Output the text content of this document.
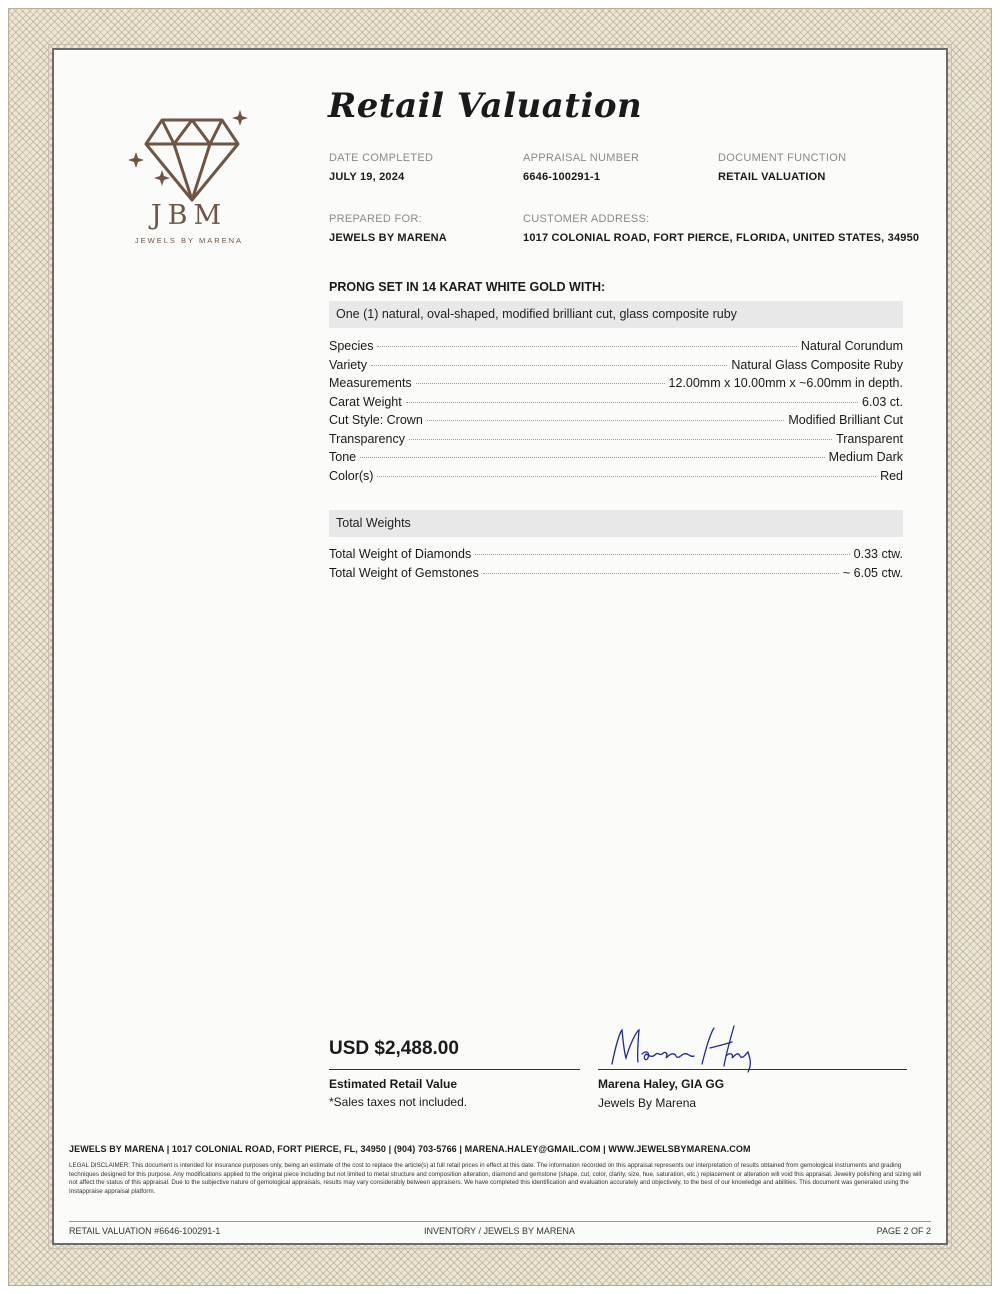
JBM
JEWELS BY MARENA
Retail Valuation
DATE COMPLETED
JULY 19, 2024
APPRAISAL NUMBER
6646-100291-1
DOCUMENT FUNCTION
RETAIL VALUATION
PREPARED FOR:
JEWELS BY MARENA
CUSTOMER ADDRESS:
1017 COLONIAL ROAD, FORT PIERCE, FLORIDA, UNITED STATES, 34950
PRONG SET IN 14 KARAT WHITE GOLD WITH:
One (1) natural, oval-shaped, modified brilliant cut, glass composite ruby
Species	Natural Corundum
Variety	Natural Glass Composite Ruby
Measurements	12.00mm x 10.00mm x ~6.00mm in depth.
Carat Weight	6.03 ct.
Cut Style: Crown	Modified Brilliant Cut
Transparency	Transparent
Tone	Medium Dark
Color(s)	Red
Total Weights
Total Weight of Diamonds	0.33 ctw.
Total Weight of Gemstones	~ 6.05 ctw.
USD $2,488.00
Estimated Retail Value
*Sales taxes not included.
Marena Haley, GIA GG
Jewels By Marena
JEWELS BY MARENA | 1017 COLONIAL ROAD, FORT PIERCE, FL, 34950 | (904) 703-5766 | MARENA.HALEY@GMAIL.COM | WWW.JEWELSBYMARENA.COM
LEGAL DISCLAIMER: This document is intended for insurance purposes only, being an estimate of the cost to replace the article(s) at full retail prices in effect at this date. The information recorded on this appraisal represents our interpretation of results obtained from gemological instruments and grading techniques designed for this purpose. Any modifications applied to the original piece including but not limited to metal structure and composition alteration, diamond and gemstone (shape, cut, color, clarity, size, hue, saturation, etc.) replacement or alteration will void this appraisal. Jewelry polishing and sizing will not affect the status of this appraisal. Due to the subjective nature of gemological appraisals, results may vary considerably between appraisers. We have completed this identification and evaluation accurately and objectively, to the best of our knowledge and abilities. This document was generated using the Instappraise appraisal platform.
RETAIL VALUATION #6646-100291-1	INVENTORY / JEWELS BY MARENA	PAGE 2 OF 2
